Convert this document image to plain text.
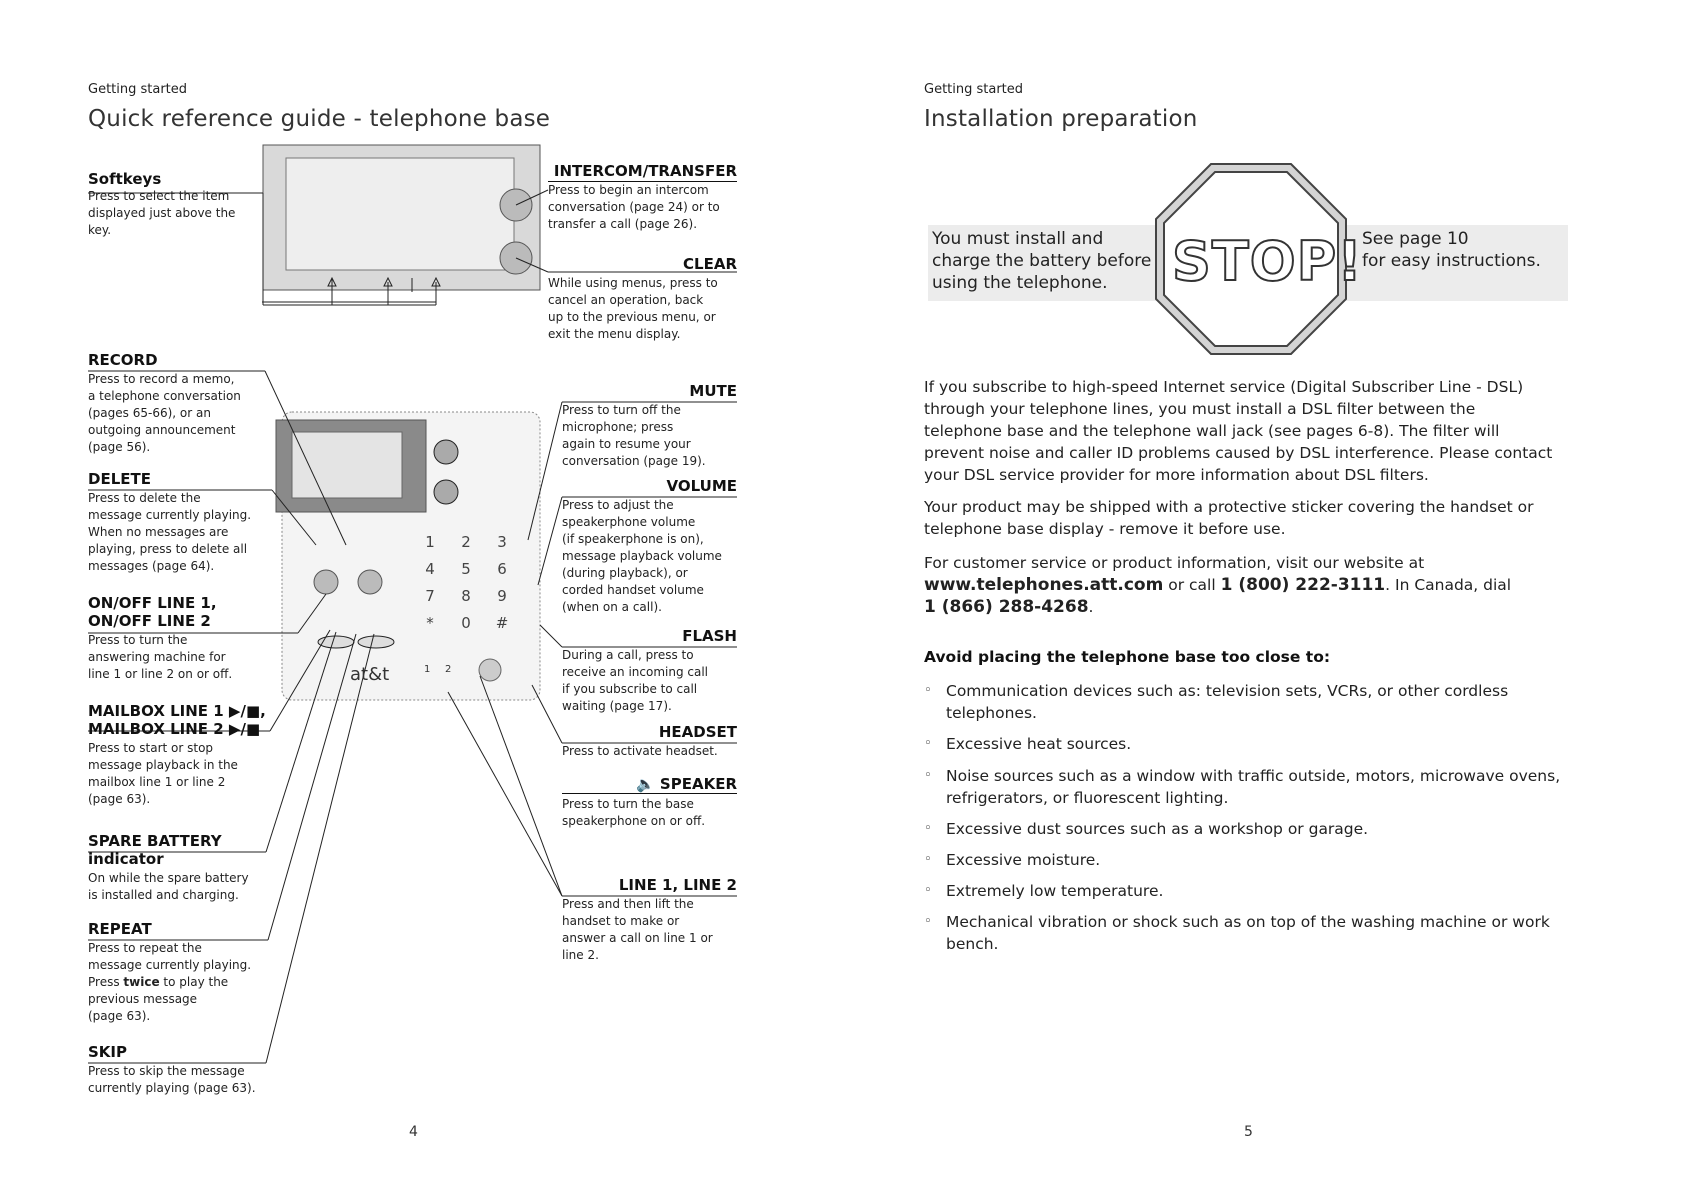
Getting started
Quick reference guide - telephone base
1 2 3
4 5 6
7 8 9
* 0 #
at&t	1 2
Softkeys
Press to select the item
displayed just above the
key.
INTERCOM/TRANSFER
Press to begin an intercom
conversation (page 24) or to
transfer a call (page 26).
CLEAR
While using menus, press to
cancel an operation, back
up to the previous menu, or
exit the menu display.
RECORD
Press to record a memo,
a telephone conversation
(pages 65-66), or an
outgoing announcement
(page 56).
DELETE
Press to delete the
message currently playing.
When no messages are
playing, press to delete all
messages (page 64).
ON/OFF LINE 1,
ON/OFF LINE 2
Press to turn the
answering machine for
line 1 or line 2 on or off.
MAILBOX LINE 1 ▶/■,
MAILBOX LINE 2 ▶/■
Press to start or stop
message playback in the
mailbox line 1 or line 2
(page 63).
SPARE BATTERY
indicator
On while the spare battery
is installed and charging.
REPEAT
Press to repeat the
message currently playing.
Press twice to play the
previous message
(page 63).
SKIP
Press to skip the message
currently playing (page 63).
MUTE
Press to turn off the
microphone; press
again to resume your
conversation (page 19).
VOLUME
Press to adjust the
speakerphone volume
(if speakerphone is on),
message playback volume
(during playback), or
corded handset volume
(when on a call).
FLASH
During a call, press to
receive an incoming call
if you subscribe to call
waiting (page 17).
HEADSET
Press to activate headset.
🔈 SPEAKER
Press to turn the base
speakerphone on or off.
LINE 1, LINE 2
Press and then lift the
handset to make or
answer a call on line 1 or
line 2.
4
Getting started
Installation preparation
STOP!
You must install and
charge the battery before
using the telephone.
See page 10
for easy instructions.
If you subscribe to high-speed Internet service (Digital Subscriber Line - DSL)
through your telephone lines, you must install a DSL filter between the
telephone base and the telephone wall jack (see pages 6-8). The filter will
prevent noise and caller ID problems caused by DSL interference. Please contact
your DSL service provider for more information about DSL filters.
Your product may be shipped with a protective sticker covering the handset or
telephone base display - remove it before use.
For customer service or product information, visit our website at
www.telephones.att.com or call 1 (800) 222-3111. In Canada, dial
1 (866) 288-4268.
Avoid placing the telephone base too close to:
◦ Communication devices such as: television sets, VCRs, or other cordless
telephones.
◦ Excessive heat sources.
◦ Noise sources such as a window with traffic outside, motors, microwave ovens,
refrigerators, or fluorescent lighting.
◦ Excessive dust sources such as a workshop or garage.
◦ Excessive moisture.
◦ Extremely low temperature.
◦ Mechanical vibration or shock such as on top of the washing machine or work
bench.
5
